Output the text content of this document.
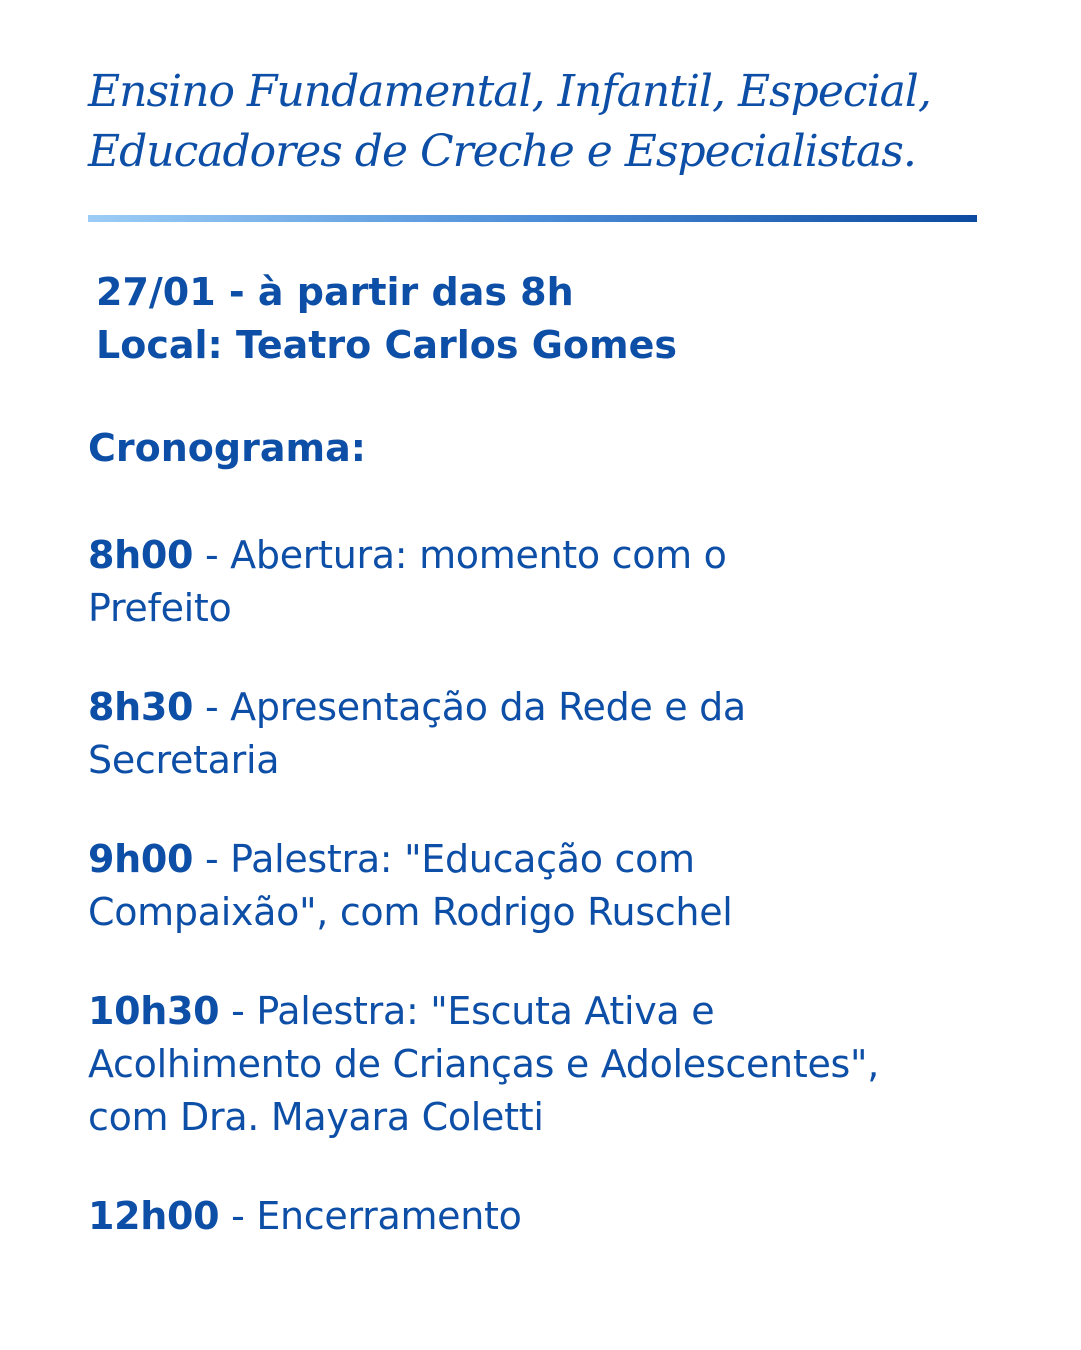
Ensino Fundamental, Infantil, Especial,
Educadores de Creche e Especialistas.
27/01 - à partir das 8h
Local: Teatro Carlos Gomes
Cronograma:
8h00 - Abertura: momento com o
Prefeito
8h30 - Apresentação da Rede e da
Secretaria
9h00 - Palestra: "Educação com
Compaixão", com Rodrigo Ruschel
10h30 - Palestra: "Escuta Ativa e
Acolhimento de Crianças e Adolescentes",
com Dra. Mayara Coletti
12h00 - Encerramento
